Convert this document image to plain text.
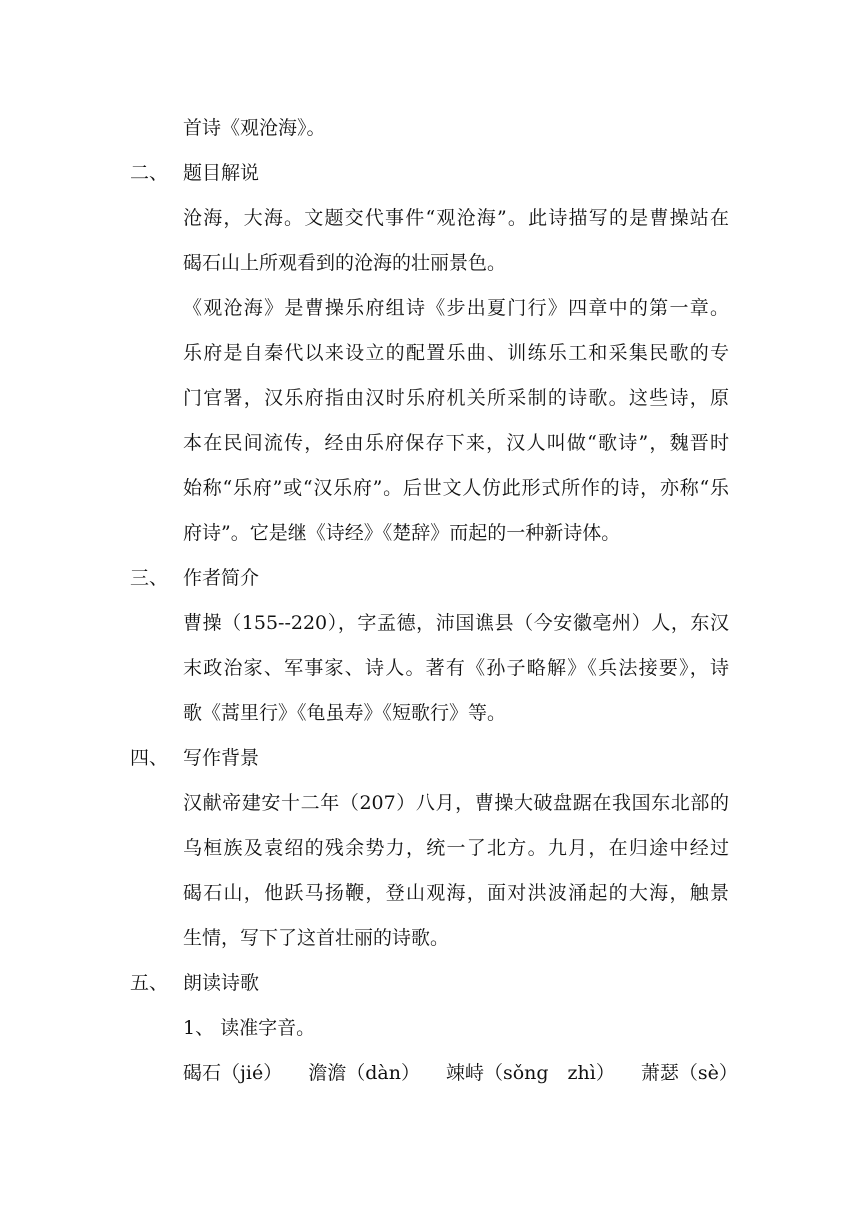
首诗《观沧海》。
二、 题目解说
沧海，大海。文题交代事件“观沧海”。此诗描写的是曹操站在
碣石山上所观看到的沧海的壮丽景色。
《观沧海》是曹操乐府组诗《步出夏门行》四章中的第一章。
乐府是自秦代以来设立的配置乐曲、训练乐工和采集民歌的专
门官署，汉乐府指由汉时乐府机关所采制的诗歌。这些诗，原
本在民间流传，经由乐府保存下来，汉人叫做“歌诗”，魏晋时
始称“乐府”或“汉乐府”。后世文人仿此形式所作的诗，亦称“乐
府诗”。它是继《诗经》《楚辞》而起的一种新诗体。
三、 作者简介
曹操（155--220），字孟德，沛国谯县（今安徽亳州）人，东汉
末政治家、军事家、诗人。著有《孙子略解》《兵法接要》，诗
歌《蒿里行》《龟虽寿》《短歌行》等。
四、 写作背景
汉献帝建安十二年（207）八月，曹操大破盘踞在我国东北部的
乌桓族及袁绍的残余势力，统一了北方。九月，在归途中经过
碣石山，他跃马扬鞭，登山观海，面对洪波涌起的大海，触景
生情，写下了这首壮丽的诗歌。
五、 朗读诗歌
1、 读准字音。
碣石（jié） 澹澹（dàn） 竦峙（sǒng　zhì） 萧瑟（sè）
